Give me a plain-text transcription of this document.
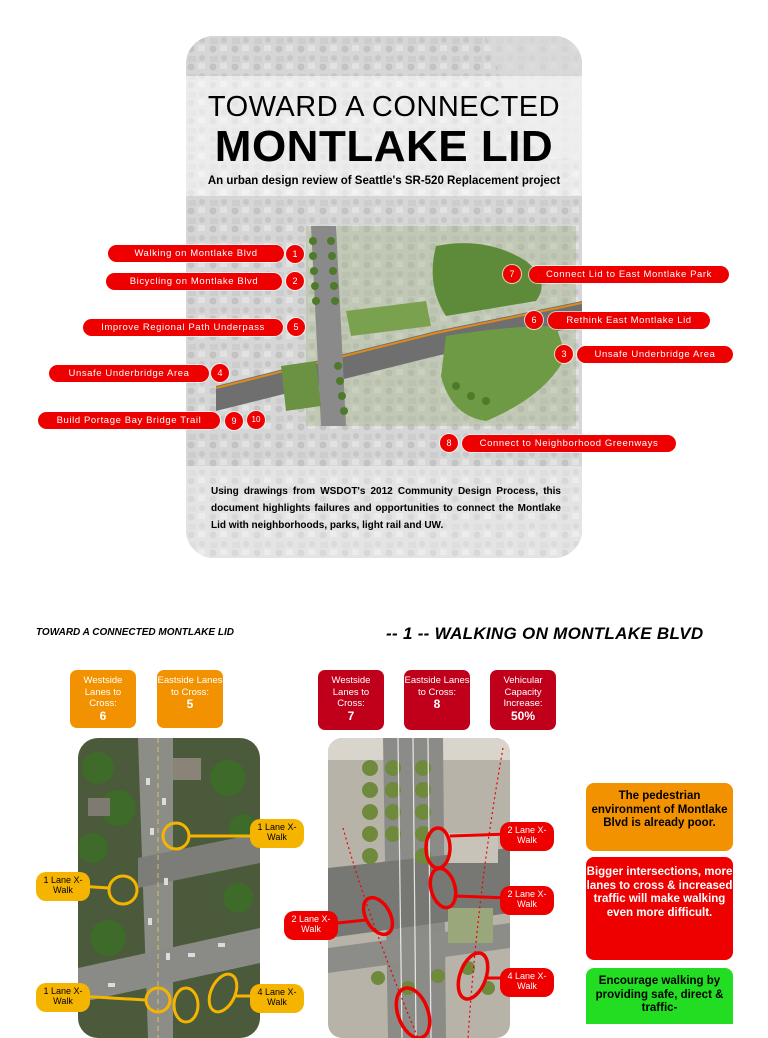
TOWARD A CONNECTED
MONTLAKE LID
An urban design review of Seattle's SR-520 Replacement project
Using drawings from WSDOT's 2012 Community Design Process, this document highlights failures and opportunities to connect the Montlake Lid with neighborhoods, parks, light rail and UW.
Walking on Montlake Blvd	1
Bicycling on Montlake Blvd	2
Improve Regional Path Underpass	5
Unsafe Underbridge Area	4
Build Portage Bay Bridge Trail	9	10
7	Connect Lid to East Montlake Park
6	Rethink East Montlake Lid
3	Unsafe Underbridge Area
8	Connect to Neighborhood Greenways
TOWARD A CONNECTED MONTLAKE LID	-- 1 -- WALKING ON MONTLAKE BLVD
Westside Lanes to Cross:
6
Eastside Lanes to Cross:
5
Westside Lanes to Cross:
7
Eastside Lanes to Cross:
8
Vehicular Capacity Increase:
50%
1 Lane X-Walk
1 Lane X-Walk
1 Lane X-Walk
4 Lane X-Walk
2 Lane X-Walk
2 Lane X-Walk
2 Lane X-Walk
4 Lane X-Walk
The pedestrian environment of Montlake Blvd is already poor.
Bigger intersections, more lanes to cross & increased traffic will make walking even more difficult.
Encourage walking by providing safe, direct & traffic-
